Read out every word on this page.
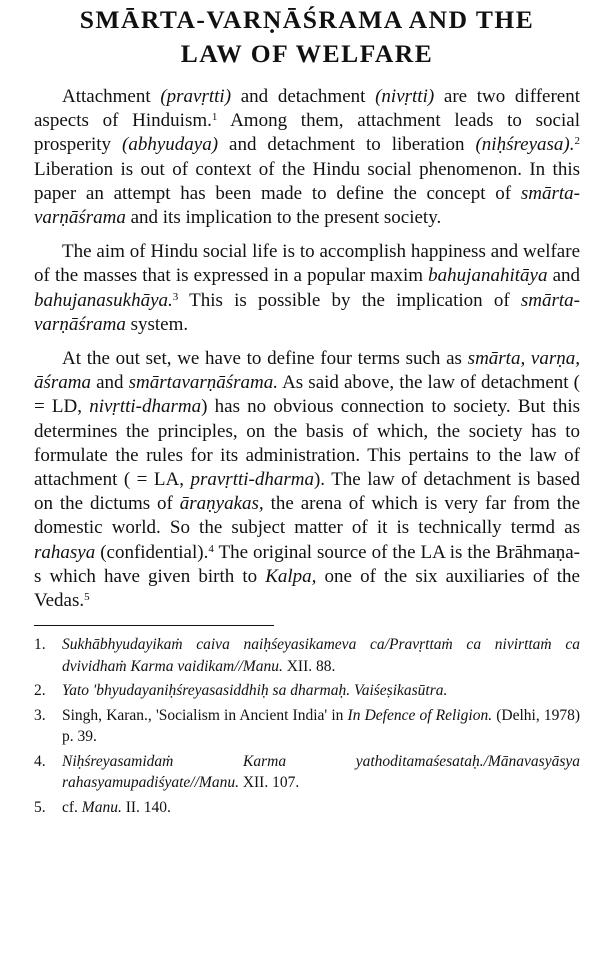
SMĀRTA-VARṆĀŚRAMA AND THE
LAW OF WELFARE

Attachment (pravṛtti) and detachment (nivṛtti) are two different aspects of Hinduism.$^1$ Among them, attachment leads to social prosperity (abhyudaya) and detachment to liberation (niḥśreyasa).$^2$ Liberation is out of context of the Hindu social phenomenon. In this paper an attempt has been made to define the concept of smārta-varṇāśrama and its implication to the present society.

The aim of Hindu social life is to accomplish happiness and welfare of the masses that is expressed in a popular maxim bahujanahitāya and bahujanasukhāya.$^3$ This is possible by the implication of smārta-varṇāśrama system.

At the out set, we have to define four terms such as smārta, varṇa, āśrama and smārtavarṇāśrama. As said above, the law of detachment ( = LD, nivṛtti-dharma) has no obvious connection to society. But this determines the principles, on the basis of which, the society has to formulate the rules for its administration. This pertains to the law of attachment ( = LA, pravṛtti-dharma). The law of detachment is based on the dictums of āraṇyakas, the arena of which is very far from the domestic world. So the subject matter of it is technically termd as rahasya (confidential).$^4$ The original source of the LA is the Brāhmaṇa-s which have given birth to Kalpa, one of the six auxiliaries of the Vedas.$^5$

1.	Sukhābhyudayikaṁ caiva naiḥśeyasikameva ca/Pravṛttaṁ ca nivirttaṁ ca dvividhaṁ Karma vaidikam//Manu. XII. 88.
2.	Yato 'bhyudayaniḥśreyasasiddhiḥ sa dharmaḥ. Vaiśeṣikasūtra.
3.	Singh, Karan., 'Socialism in Ancient India' in In Defence of Religion. (Delhi, 1978) p. 39.
4.	Niḥśreyasamidaṁ Karma yathoditamaśesataḥ./Mānavasyāsya rahasyamupadiśyate//Manu. XII. 107.
5.	cf. Manu. II. 140.
